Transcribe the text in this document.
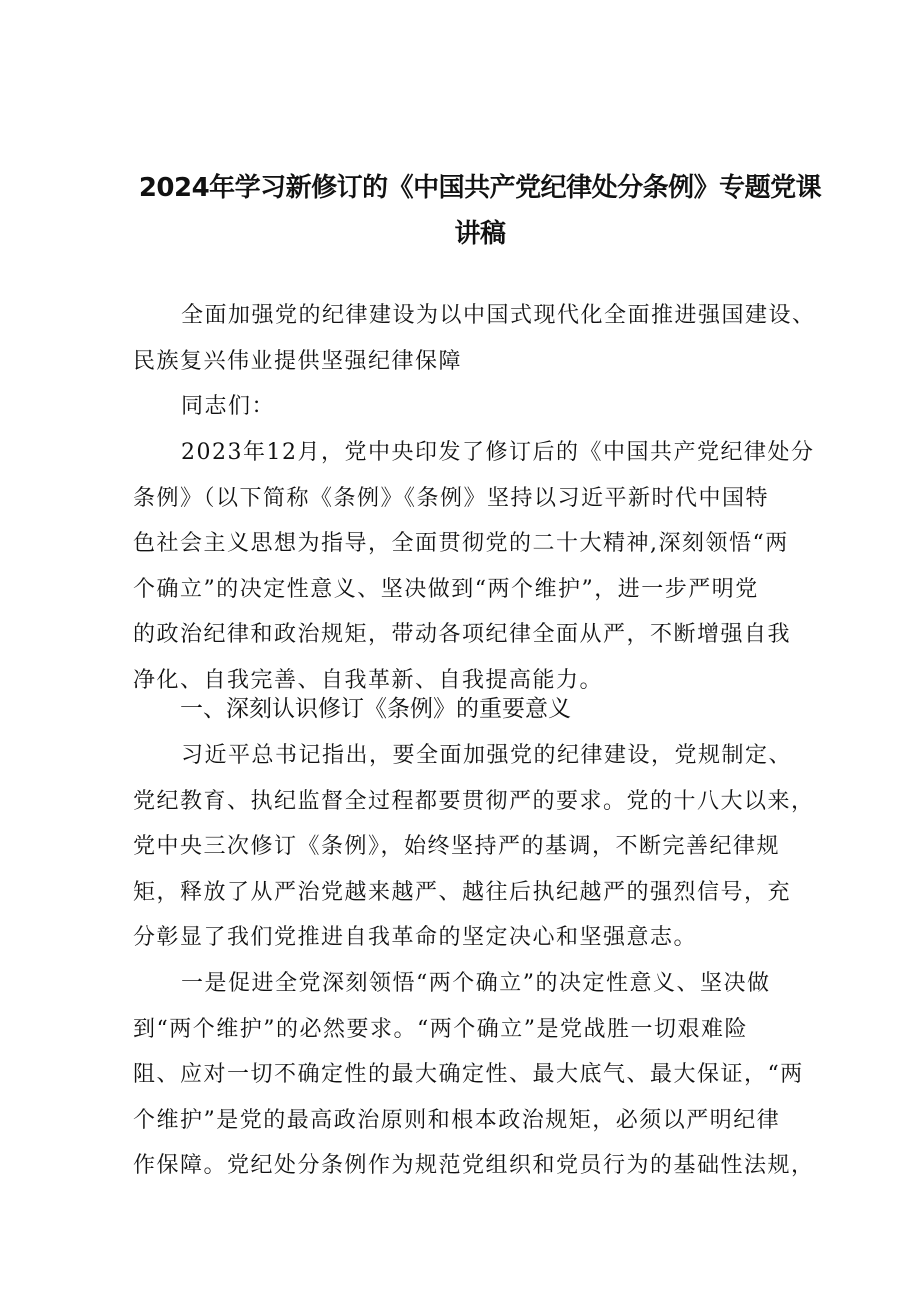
2024年学习新修订的《中国共产党纪律处分条例》专题党课
讲稿
全面加强党的纪律建设为以中国式现代化全面推进强国建设、
民族复兴伟业提供坚强纪律保障
同志们：
2023年12月，党中央印发了修订后的《中国共产党纪律处分
条例》（以下简称《条例》《条例》坚持以习近平新时代中国特
色社会主义思想为指导，全面贯彻党的二十大精神,深刻领悟“两
个确立”的决定性意义、坚决做到“两个维护”，进一步严明党
的政治纪律和政治规矩，带动各项纪律全面从严，不断增强自我
净化、自我完善、自我革新、自我提高能力。
一、深刻认识修订《条例》的重要意义
习近平总书记指出，要全面加强党的纪律建设，党规制定、
党纪教育、执纪监督全过程都要贯彻严的要求。党的十八大以来，
党中央三次修订《条例》，始终坚持严的基调，不断完善纪律规
矩，释放了从严治党越来越严、越往后执纪越严的强烈信号，充
分彰显了我们党推进自我革命的坚定决心和坚强意志。
一是促进全党深刻领悟“两个确立”的决定性意义、坚决做
到“两个维护”的必然要求。“两个确立”是党战胜一切艰难险
阻、应对一切不确定性的最大确定性、最大底气、最大保证，“两
个维护”是党的最高政治原则和根本政治规矩，必须以严明纪律
作保障。党纪处分条例作为规范党组织和党员行为的基础性法规，
